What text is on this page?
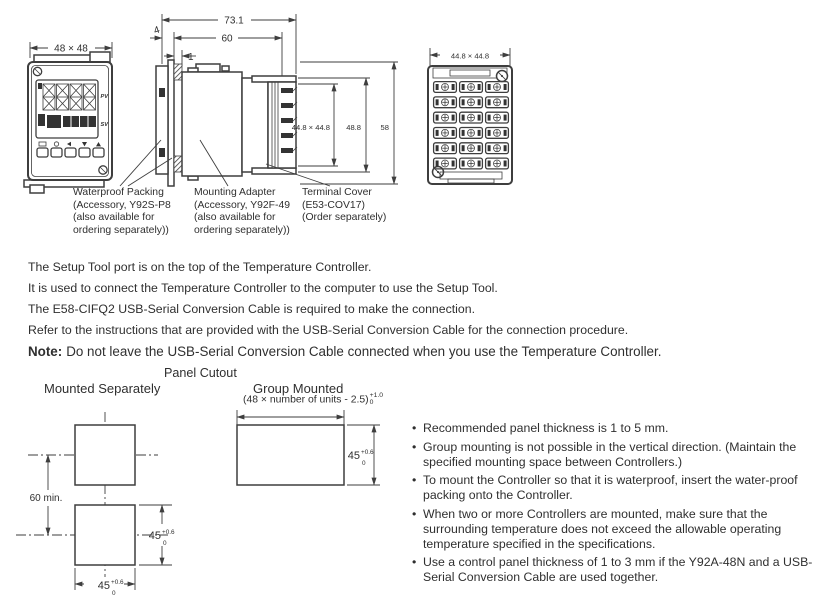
48 × 48
PV
SV
73.1
60
4
1
44.8 × 44.8 48.8	58
44.8 × 44.8
Waterproof Packing
(Accessory, Y92S-P8
(also available for
ordering separately))
Mounting Adapter
(Accessory, Y92F-49
(also available for
ordering separately))
Terminal Cover
(E53-COV17)
(Order separately)

The Setup Tool port is on the top of the Temperature Controller.

It is used to connect the Temperature Controller to the computer to use the Setup Tool.

The E58-CIFQ2 USB-Serial Conversion Cable is required to make the connection.

Refer to the instructions that are provided with the USB-Serial Conversion Cable for the connection procedure.

Note: Do not leave the USB-Serial Conversion Cable connected when you use the Temperature Controller.

Panel Cutout
Mounted Separately	Group Mounted
(48 × number of units - 2.5) +1.0
0
60 min.
45 +0.6
0
45 +0.6
0
45 +0.6
0
• Recommended panel thickness is 1 to 5 mm.
• Group mounting is not possible in the vertical direction. (Maintain the specified mounting space between Controllers.)
• To mount the Controller so that it is waterproof, insert the water-proof packing onto the Controller.
• When two or more Controllers are mounted, make sure that the surrounding temperature does not exceed the allowable operating temperature specified in the specifications.
• Use a control panel thickness of 1 to 3 mm if the Y92A-48N and a USB-Serial Conversion Cable are used together.
